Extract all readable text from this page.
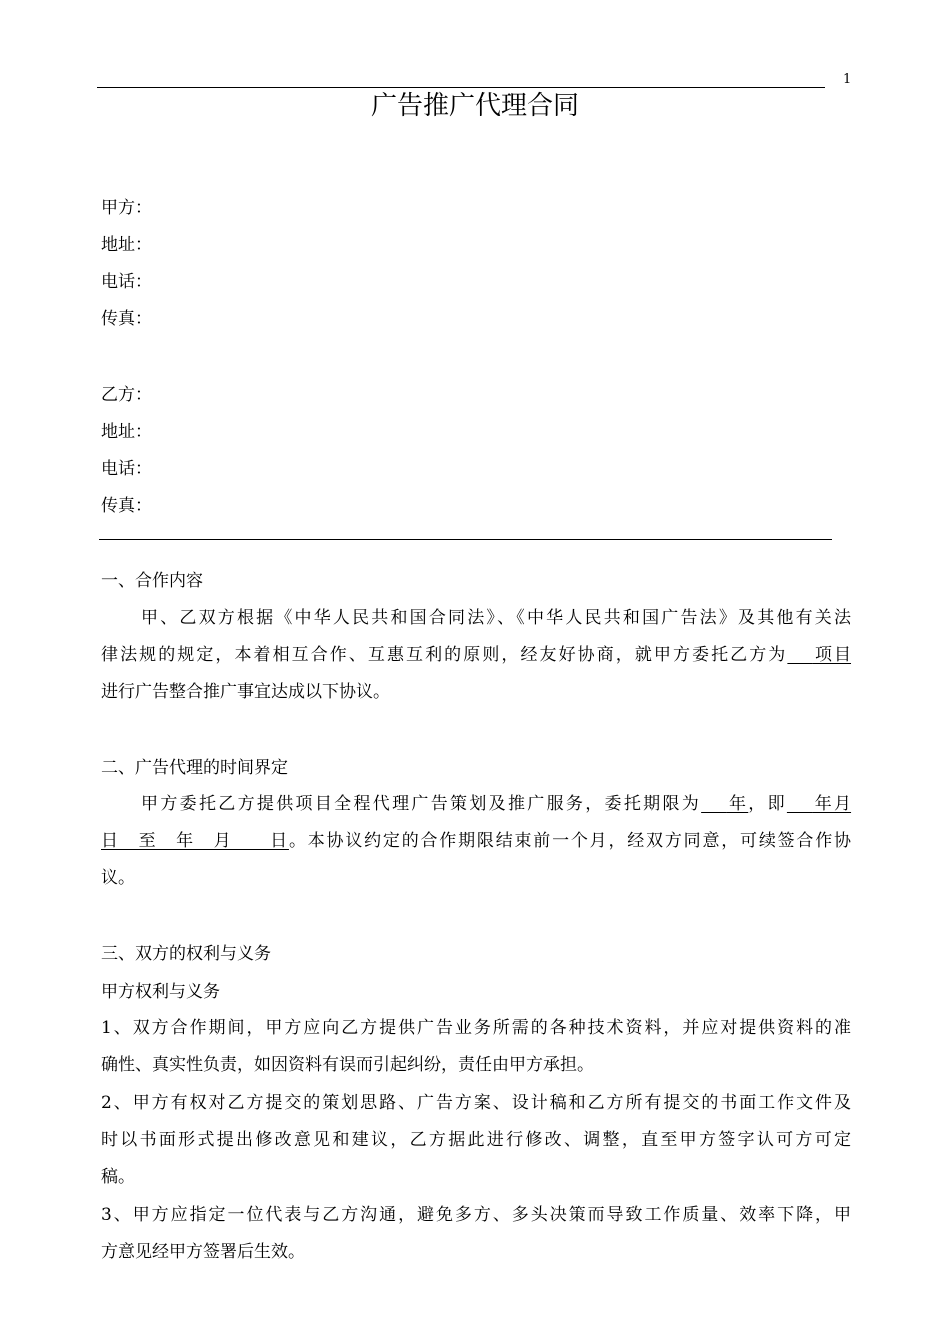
1
广告推广代理合同

甲方：

地址：

电话：

传真：

乙方：

地址：

电话：

传真：

一、合作内容

甲、乙双方根据《中华人民共和国合同法》、《中华人民共和国广告法》及其他有关法
律法规的规定，本着相互合作、互惠互利的原则，经友好协商，就甲方委托乙方为   项目
进行广告整合推广事宜达成以下协议。

二、广告代理的时间界定

甲方委托乙方提供项目全程代理广告策划及推广服务，委托期限为   年，即   年月
日　至　年　月　　日。本协议约定的合作期限结束前一个月，经双方同意，可续签合作协
议。

三、双方的权利与义务

甲方权利与义务

1、双方合作期间，甲方应向乙方提供广告业务所需的各种技术资料，并应对提供资料的准
确性、真实性负责，如因资料有误而引起纠纷，责任由甲方承担。
2、甲方有权对乙方提交的策划思路、广告方案、设计稿和乙方所有提交的书面工作文件及
时以书面形式提出修改意见和建议，乙方据此进行修改、调整，直至甲方签字认可方可定
稿。
3、甲方应指定一位代表与乙方沟通，避免多方、多头决策而导致工作质量、效率下降，甲
方意见经甲方签署后生效。
